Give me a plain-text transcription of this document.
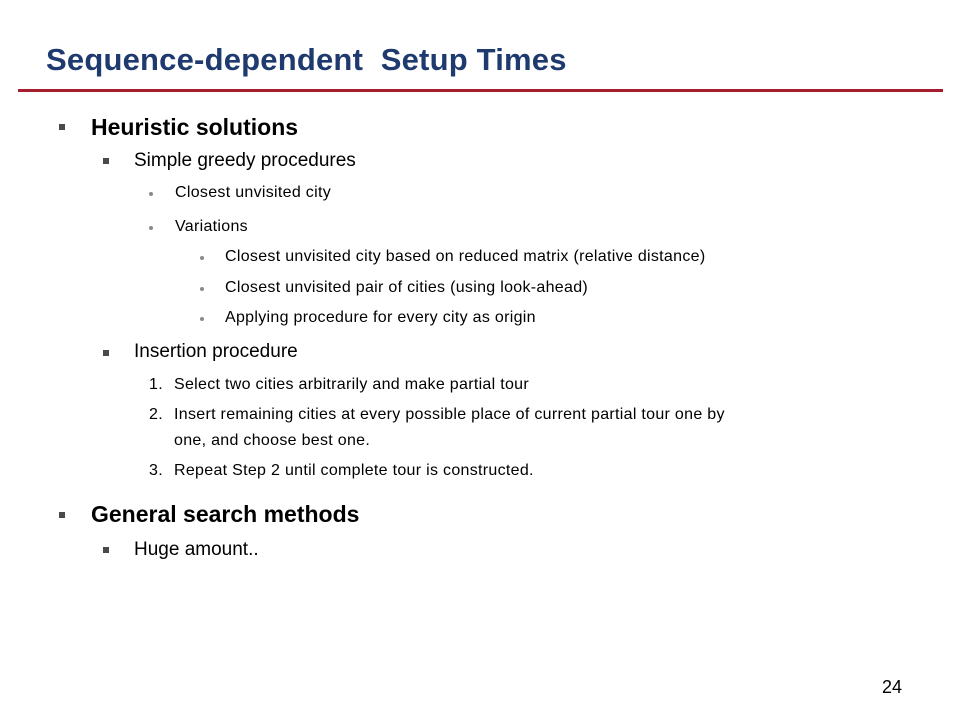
Sequence-dependent  Setup Times
Heuristic solutions
Simple greedy procedures
Closest unvisited city
Variations
Closest unvisited city based on reduced matrix (relative distance)
Closest unvisited pair of cities (using look-ahead)
Applying procedure for every city as origin
Insertion procedure
1. Select two cities arbitrarily and make partial tour
2. Insert remaining cities at every possible place of current partial tour one by
one, and choose best one.
3. Repeat Step 2 until complete tour is constructed.
General search methods
Huge amount..
24
